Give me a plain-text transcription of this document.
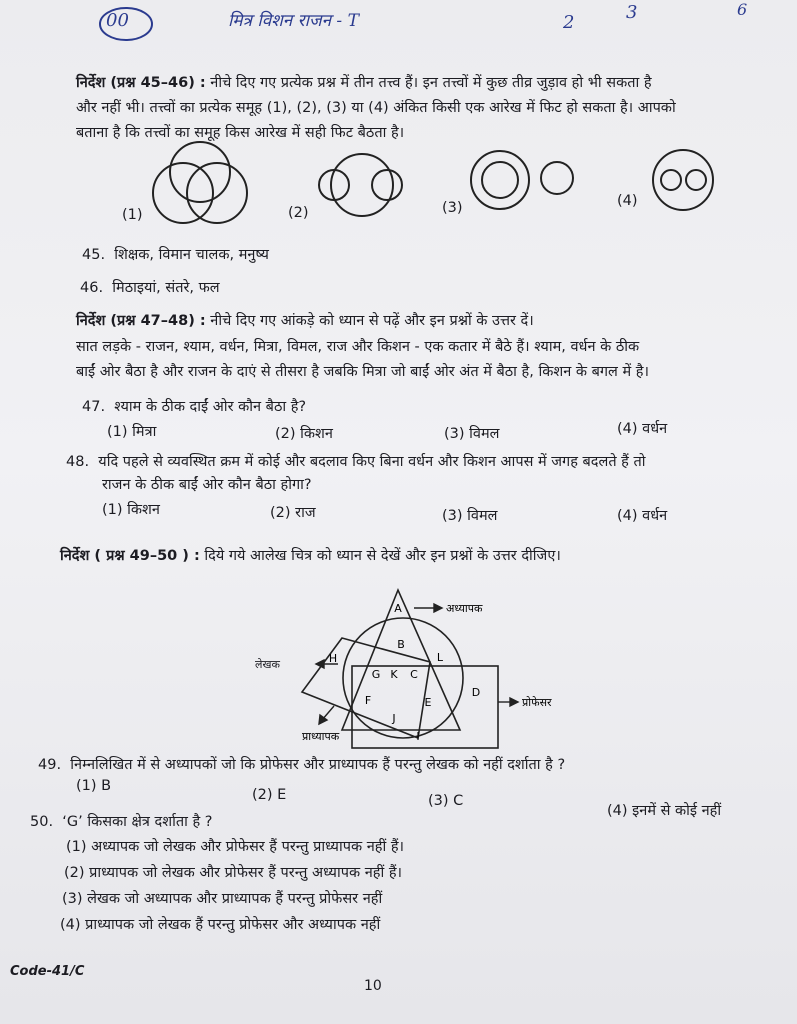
00	मित्र विशन राजन - T	2	3	6
निर्देश (प्रश्न 45–46) : नीचे दिए गए प्रत्येक प्रश्न में तीन तत्त्व हैं। इन तत्त्वों में कुछ तीव्र जुड़ाव हो भी सकता है
और नहीं भी। तत्त्वों का प्रत्येक समूह (1), (2), (3) या (4) अंकित किसी एक आरेख में फिट हो सकता है। आपको
बताना है कि तत्त्वों का समूह किस आरेख में सही फिट बैठता है।
(1)	(2)	(3)	(4)
45. शिक्षक, विमान चालक, मनुष्य
46. मिठाइयां, संतरे, फल
निर्देश (प्रश्न 47–48) : नीचे दिए गए आंकड़े को ध्यान से पढ़ें और इन प्रश्नों के उत्तर दें।
सात लड़के - राजन, श्याम, वर्धन, मित्रा, विमल, राज और किशन - एक कतार में बैठे हैं। श्याम, वर्धन के ठीक
बाईं ओर बैठा है और राजन के दाएं से तीसरा है जबकि मित्रा जो बाईं ओर अंत में बैठा है, किशन के बगल में है।
47. श्याम के ठीक दाईं ओर कौन बैठा है?
(1) मित्रा	(2) किशन	(3) विमल	(4) वर्धन
48. यदि पहले से व्यवस्थित क्रम में कोई और बदलाव किए बिना वर्धन और किशन आपस में जगह बदलते हैं तो
राजन के ठीक बाईं ओर कौन बैठा होगा?
(1) किशन	(2) राज	(3) विमल	(4) वर्धन
निर्देश ( प्रश्न 49–50 ) : दिये गये आलेख चित्र को ध्यान से देखें और इन प्रश्नों के उत्तर दीजिए।
A
B
H	L
G K C
D
F	E
J
I
अध्यापक
प्रोफेसर
प्राध्यापक
लेखक
49. निम्नलिखित में से अध्यापकों जो कि प्रोफेसर और प्राध्यापक हैं परन्तु लेखक को नहीं दर्शाता है ?
(1) B
(2) E	(3) C
(4) इनमें से कोई नहीं
50. ‘G’ किसका क्षेत्र दर्शाता है ?
(1) अध्यापक जो लेखक और प्रोफेसर हैं परन्तु प्राध्यापक नहीं हैं।
(2) प्राध्यापक जो लेखक और प्रोफेसर हैं परन्तु अध्यापक नहीं हैं।
(3) लेखक जो अध्यापक और प्राध्यापक हैं परन्तु प्रोफेसर नहीं
(4) प्राध्यापक जो लेखक हैं परन्तु प्रोफेसर और अध्यापक नहीं
Code-41/C
10
